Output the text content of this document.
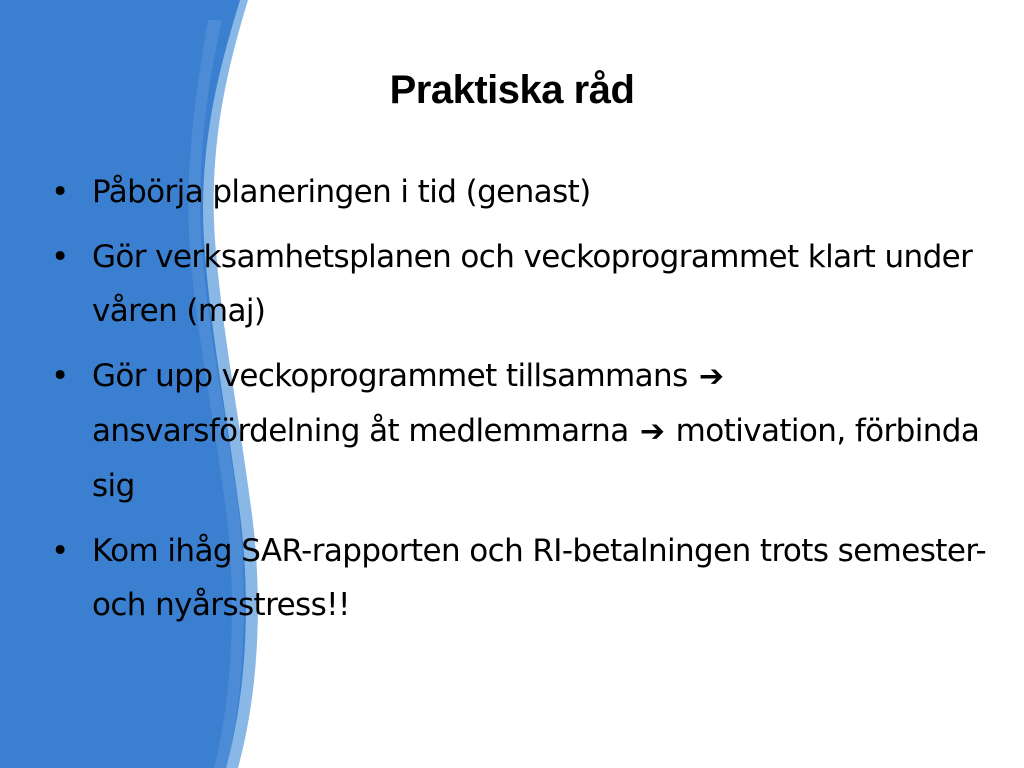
Praktiska råd
• Påbörja planeringen i tid (genast)
• Gör verksamhetsplanen och veckoprogrammet klart under våren (maj)
• Gör upp veckoprogrammet tillsammans ➔ ansvarsfördelning åt medlemmarna ➔ motivation, förbinda sig
• Kom ihåg SAR-rapporten och RI-betalningen trots semester- och nyårsstress!!
